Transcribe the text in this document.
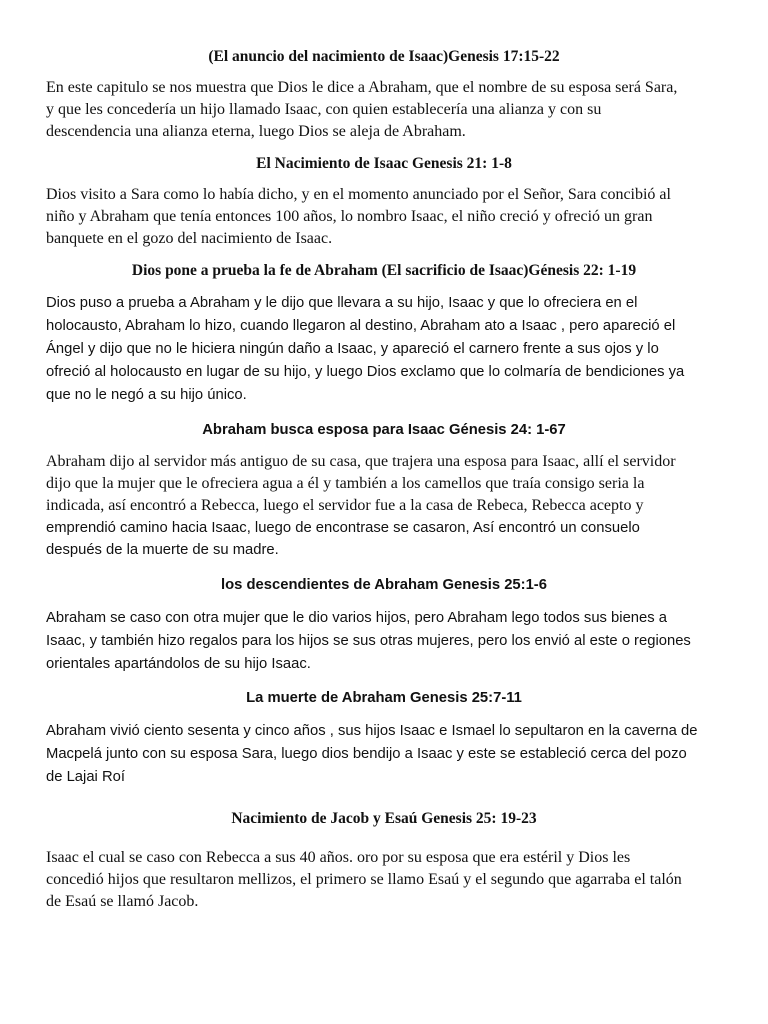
(El anuncio del nacimiento de Isaac)Genesis 17:15-22
En este capitulo se nos muestra que Dios le dice a Abraham, que el nombre de su esposa será Sara,
y que les concedería un hijo llamado Isaac, con quien establecería una alianza y con su
descendencia una alianza eterna, luego Dios se aleja de Abraham.
El Nacimiento de Isaac Genesis 21: 1-8
Dios visito a Sara como lo había dicho, y en el momento anunciado por el Señor, Sara concibió al
niño y Abraham que tenía entonces 100 años, lo nombro Isaac, el niño creció y ofreció un gran
banquete en el gozo del nacimiento de Isaac.
Dios pone a prueba la fe de Abraham (El sacrificio de Isaac)Génesis 22: 1-19
Dios puso a prueba a Abraham y le dijo que llevara a su hijo, Isaac y que lo ofreciera en el
holocausto, Abraham lo hizo, cuando llegaron al destino, Abraham ato a Isaac , pero apareció el
Ángel y dijo que no le hiciera ningún daño a Isaac, y apareció el carnero frente a sus ojos y lo
ofreció al holocausto en lugar de su hijo, y luego Dios exclamo que lo colmaría de bendiciones ya
que no le negó a su hijo único.
Abraham busca esposa para Isaac Génesis 24: 1-67
Abraham dijo al servidor más antiguo de su casa, que trajera una esposa para Isaac, allí el servidor
dijo que la mujer que le ofreciera agua a él y también a los camellos que traía consigo seria la
indicada, así encontró a Rebecca, luego el servidor fue a la casa de Rebeca, Rebecca acepto y
emprendió camino hacia Isaac, luego de encontrase se casaron, Así encontró un consuelo
después de la muerte de su madre.
los descendientes de Abraham Genesis 25:1-6
Abraham se caso con otra mujer que le dio varios hijos, pero Abraham lego todos sus bienes a
Isaac, y también hizo regalos para los hijos se sus otras mujeres, pero los envió al este o regiones
orientales apartándolos de su hijo Isaac.
La muerte de Abraham Genesis 25:7-11
Abraham vivió ciento sesenta y cinco años , sus hijos Isaac e Ismael lo sepultaron en la caverna de
Macpelá junto con su esposa Sara, luego dios bendijo a Isaac y este se estableció cerca del pozo
de Lajai Roí
Nacimiento de Jacob y Esaú Genesis 25: 19-23
Isaac el cual se caso con Rebecca a sus 40 años. oro por su esposa que era estéril y Dios les
concedió hijos que resultaron mellizos, el primero se llamo Esaú y el segundo que agarraba el talón
de Esaú se llamó Jacob.
